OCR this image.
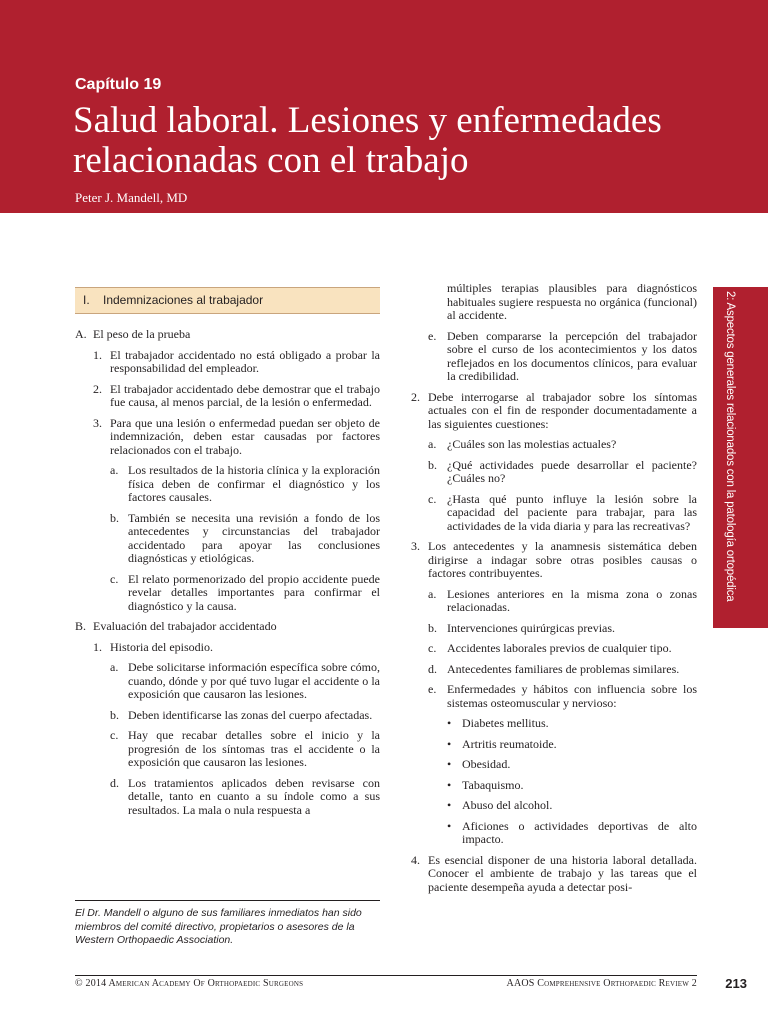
Capítulo 19
Salud laboral. Lesiones y enfermedades relacionadas con el trabajo
Peter J. Mandell, MD
2: Aspectos generales relacionados con la patología ortopédica
I. Indemnizaciones al trabajador
A. El peso de la prueba
1. El trabajador accidentado no está obligado a probar la responsabilidad del empleador.
2. El trabajador accidentado debe demostrar que el trabajo fue causa, al menos parcial, de la lesión o enfermedad.
3. Para que una lesión o enfermedad puedan ser objeto de indemnización, deben estar causadas por factores relacionados con el trabajo.
a. Los resultados de la historia clínica y la exploración física deben de confirmar el diagnóstico y los factores causales.
b. También se necesita una revisión a fondo de los antecedentes y circunstancias del trabajador accidentado para apoyar las conclusiones diagnósticas y etiológicas.
c. El relato pormenorizado del propio accidente puede revelar detalles importantes para confirmar el diagnóstico y la causa.
B. Evaluación del trabajador accidentado
1. Historia del episodio.
a. Debe solicitarse información específica sobre cómo, cuando, dónde y por qué tuvo lugar el accidente o la exposición que causaron las lesiones.
b. Deben identificarse las zonas del cuerpo afectadas.
c. Hay que recabar detalles sobre el inicio y la progresión de los síntomas tras el accidente o la exposición que causaron las lesiones.
d. Los tratamientos aplicados deben revisarse con detalle, tanto en cuanto a su índole como a sus resultados. La mala o nula respuesta a
múltiples terapias plausibles para diagnósticos habituales sugiere respuesta no orgánica (funcional) al accidente.
e. Deben compararse la percepción del trabajador sobre el curso de los acontecimientos y los datos reflejados en los documentos clínicos, para evaluar la credibilidad.
2. Debe interrogarse al trabajador sobre los síntomas actuales con el fin de responder documentadamente a las siguientes cuestiones:
a. ¿Cuáles son las molestias actuales?
b. ¿Qué actividades puede desarrollar el paciente? ¿Cuáles no?
c. ¿Hasta qué punto influye la lesión sobre la capacidad del paciente para trabajar, para las actividades de la vida diaria y para las recreativas?
3. Los antecedentes y la anamnesis sistemática deben dirigirse a indagar sobre otras posibles causas o factores contribuyentes.
a. Lesiones anteriores en la misma zona o zonas relacionadas.
b. Intervenciones quirúrgicas previas.
c. Accidentes laborales previos de cualquier tipo.
d. Antecedentes familiares de problemas similares.
e. Enfermedades y hábitos con influencia sobre los sistemas osteomuscular y nervioso:
• Diabetes mellitus.
• Artritis reumatoide.
• Obesidad.
• Tabaquismo.
• Abuso del alcohol.
• Aficiones o actividades deportivas de alto impacto.
4. Es esencial disponer de una historia laboral detallada. Conocer el ambiente de trabajo y las tareas que el paciente desempeña ayuda a detectar posi-

El Dr. Mandell o alguno de sus familiares inmediatos han sido miembros del comité directivo, propietarios o asesores de la Western Orthopaedic Association.

© 2014 American Academy Of Orthopaedic Surgeons	AAOS Comprehensive Orthopaedic Review 2	213
